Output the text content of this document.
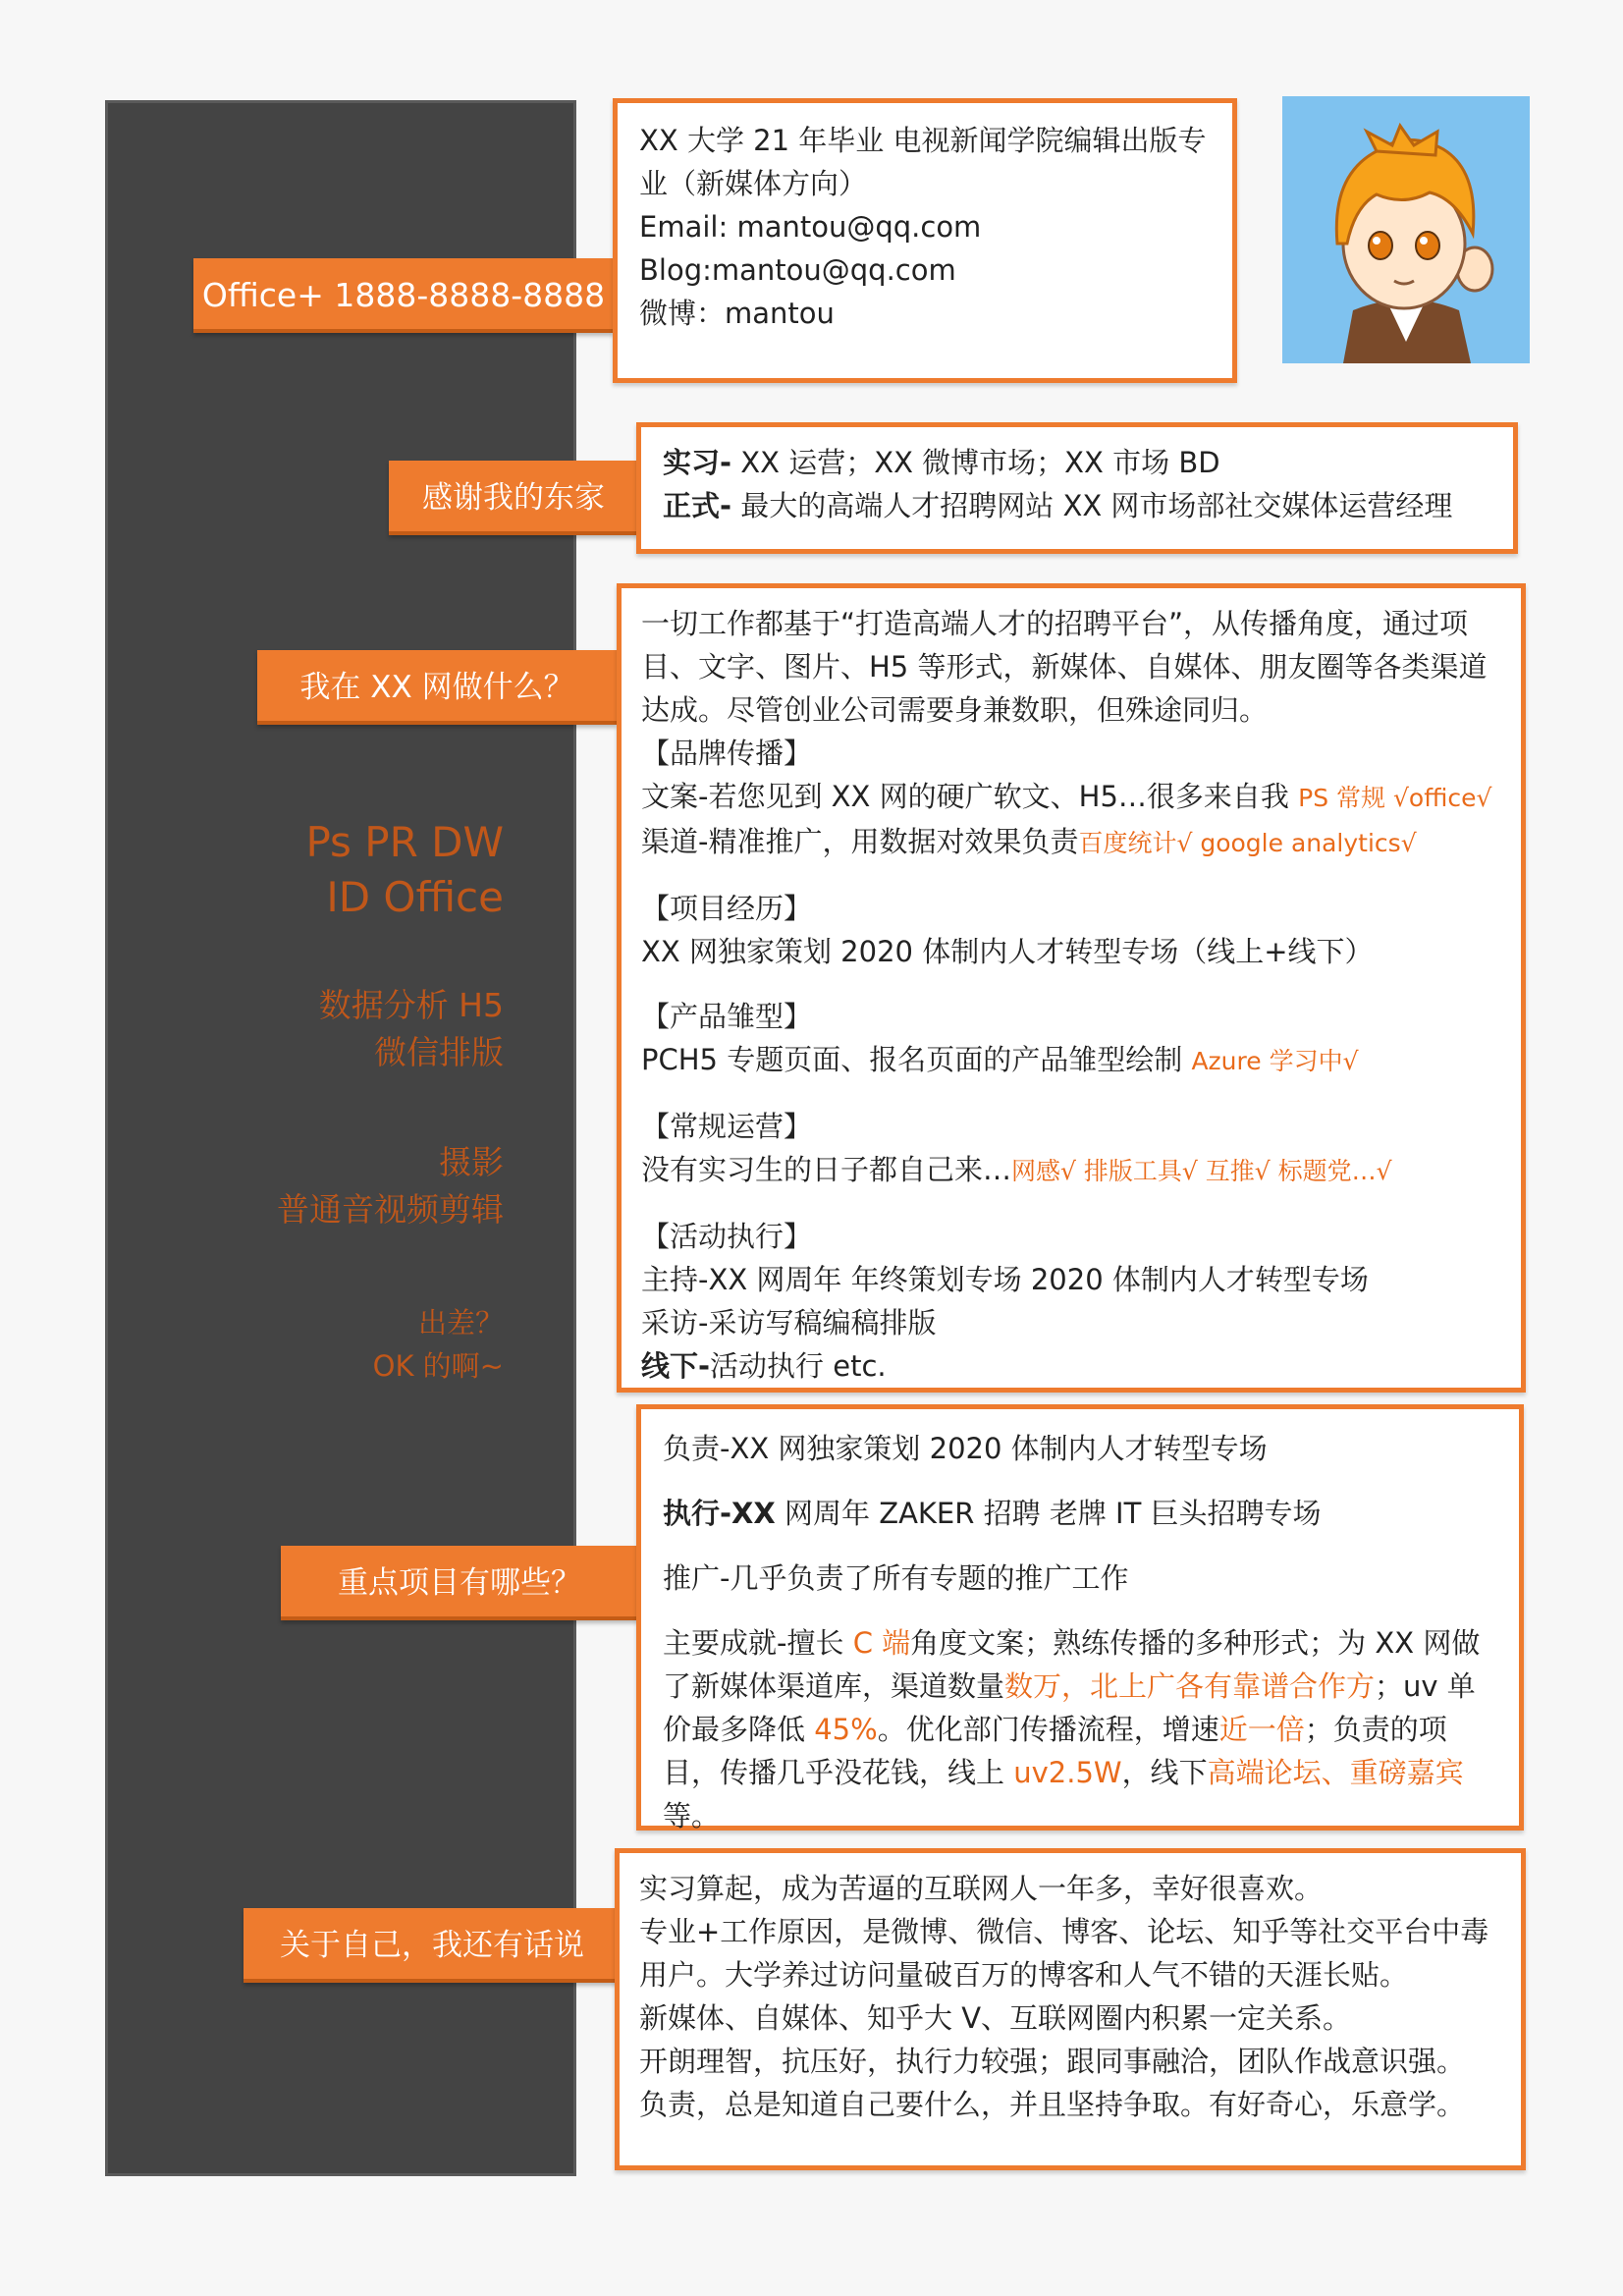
Ps PR DW
ID Office
数据分析 H5
微信排版
摄影
普通音视频剪辑
出差？
OK 的啊~
Office+ 1888-8888-8888
感谢我的东家
我在 XX 网做什么？
重点项目有哪些？
关于自己，我还有话说
XX 大学 21 年毕业 电视新闻学院编辑出版专业（新媒体方向）
Email: mantou@qq.com
Blog:mantou@qq.com
微博：mantou
实习- XX 运营；XX 微博市场；XX 市场 BD
正式- 最大的高端人才招聘网站 XX 网市场部社交媒体运营经理
一切工作都基于“打造高端人才的招聘平台”，从传播角度，通过项目、文字、图片、H5 等形式，新媒体、自媒体、朋友圈等各类渠道达成。尽管创业公司需要身兼数职，但殊途同归。
【品牌传播】
文案-若您见到 XX 网的硬广软文、H5…很多来自我 PS 常规 √office√
渠道-精准推广，用数据对效果负责百度统计√ google analytics√
【项目经历】
XX 网独家策划 2020 体制内人才转型专场（线上+线下）
【产品雏型】
PCH5 专题页面、报名页面的产品雏型绘制 Azure 学习中√
【常规运营】
没有实习生的日子都自己来…网感√ 排版工具√ 互推√ 标题党…√
【活动执行】
主持-XX 网周年 年终策划专场 2020 体制内人才转型专场
采访-采访写稿编稿排版
线下-活动执行 etc.
负责-XX 网独家策划 2020 体制内人才转型专场
执行-XX 网周年 ZAKER 招聘 老牌 IT 巨头招聘专场
推广-几乎负责了所有专题的推广工作
主要成就-擅长 C 端角度文案；熟练传播的多种形式；为 XX 网做了新媒体渠道库，渠道数量数万，北上广各有靠谱合作方；uv 单价最多降低 45%。优化部门传播流程，增速近一倍；负责的项目，传播几乎没花钱，线上 uv2.5W，线下高端论坛、重磅嘉宾等。
实习算起，成为苦逼的互联网人一年多，幸好很喜欢。
专业+工作原因，是微博、微信、博客、论坛、知乎等社交平台中毒用户。大学养过访问量破百万的博客和人气不错的天涯长贴。
新媒体、自媒体、知乎大 V、互联网圈内积累一定关系。
开朗理智，抗压好，执行力较强；跟同事融洽，团队作战意识强。
负责，总是知道自己要什么，并且坚持争取。有好奇心，乐意学。
